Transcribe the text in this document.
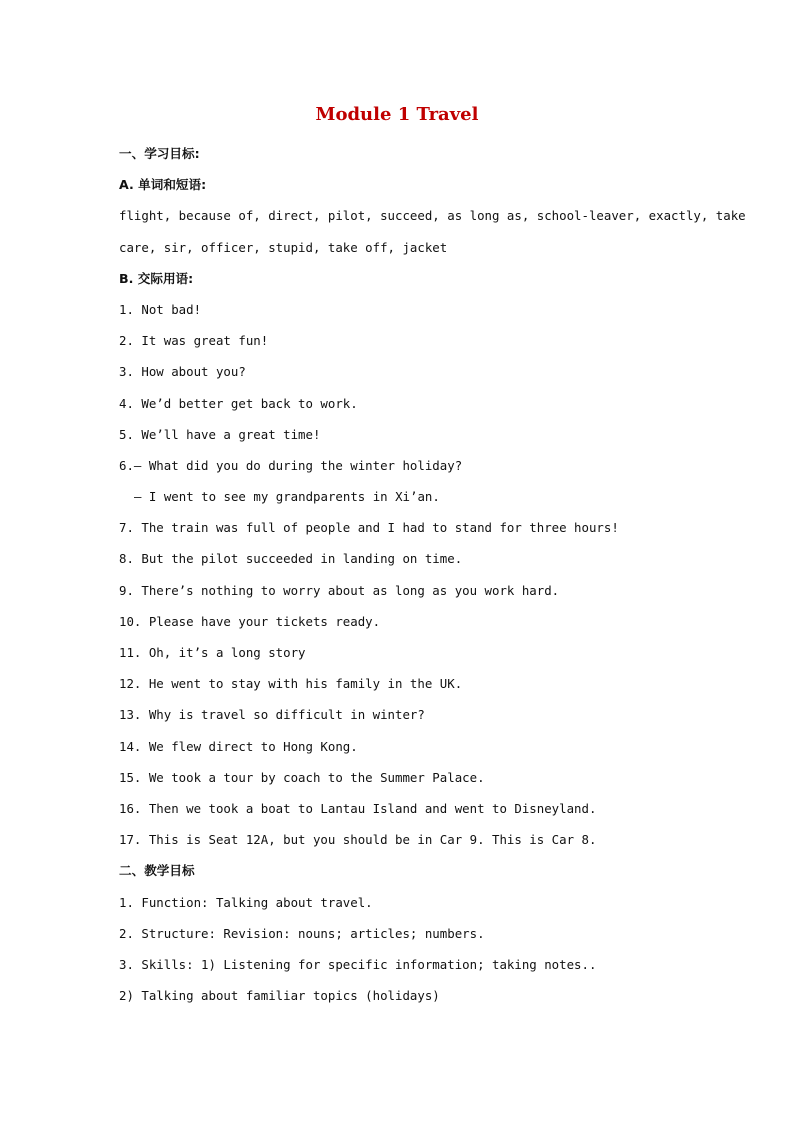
Module 1 Travel
一、学习目标:
A. 单词和短语:
flight, because of, direct, pilot, succeed, as long as, school-leaver, exactly, take
care, sir, officer, stupid, take off, jacket
B. 交际用语:
1. Not bad!
2. It was great fun!
3. How about you?
4. We’d better get back to work.
5. We’ll have a great time!
6.— What did you do during the winter holiday?
— I went to see my grandparents in Xi’an.
7. The train was full of people and I had to stand for three hours!
8. But the pilot succeeded in landing on time.
9. There’s nothing to worry about as long as you work hard.
10. Please have your tickets ready.
11. Oh, it’s a long story
12. He went to stay with his family in the UK.
13. Why is travel so difficult in winter?
14. We flew direct to Hong Kong.
15. We took a tour by coach to the Summer Palace.
16. Then we took a boat to Lantau Island and went to Disneyland.
17. This is Seat 12A, but you should be in Car 9. This is Car 8.
二、教学目标
1. Function: Talking about travel.
2. Structure: Revision: nouns; articles; numbers.
3. Skills: 1) Listening for specific information; taking notes..
2) Talking about familiar topics (holidays)
